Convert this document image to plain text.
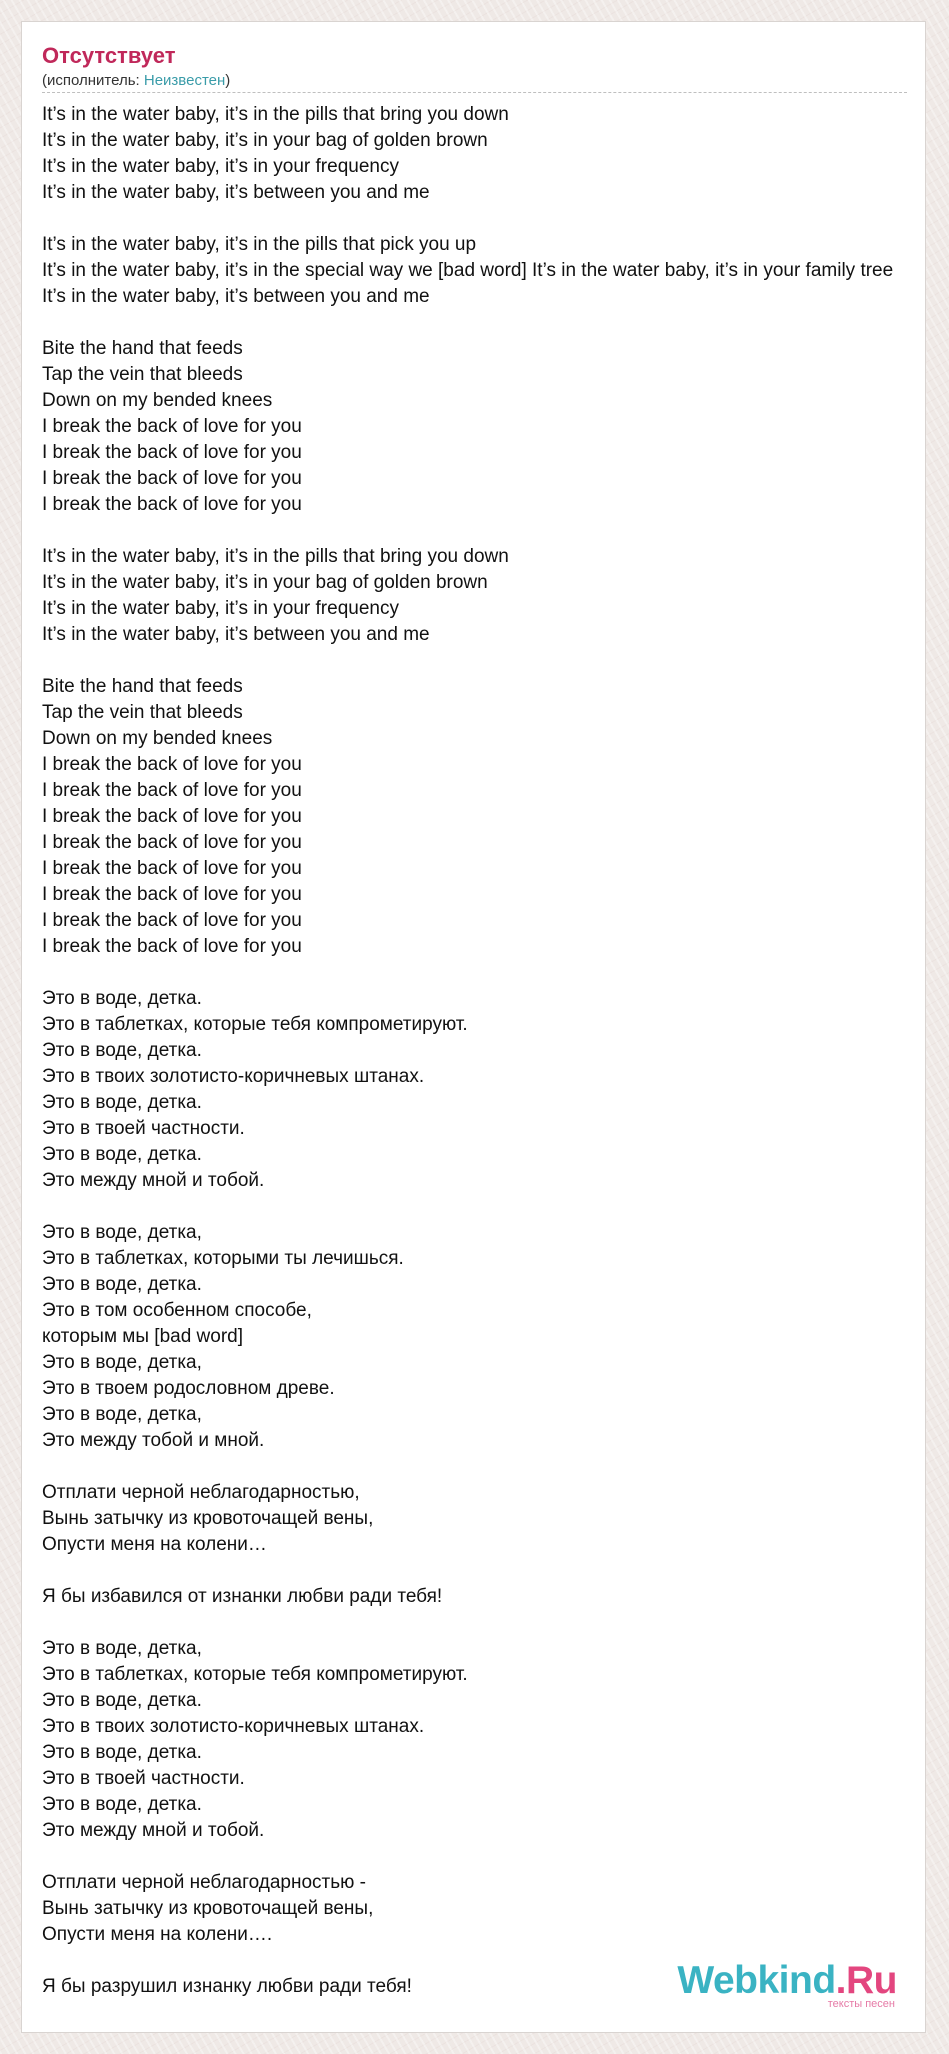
Отсутствует
(исполнитель: Неизвестен)
It’s in the water baby, it’s in the pills that bring you down
It’s in the water baby, it’s in your bag of golden brown
It’s in the water baby, it’s in your frequency
It’s in the water baby, it’s between you and me
It’s in the water baby, it’s in the pills that pick you up
It’s in the water baby, it’s in the special way we [bad word] It’s in the water baby, it’s in your family tree
It’s in the water baby, it’s between you and me
Bite the hand that feeds
Tap the vein that bleeds
Down on my bended knees
I break the back of love for you
I break the back of love for you
I break the back of love for you
I break the back of love for you
It’s in the water baby, it’s in the pills that bring you down
It’s in the water baby, it’s in your bag of golden brown
It’s in the water baby, it’s in your frequency
It’s in the water baby, it’s between you and me
Bite the hand that feeds
Tap the vein that bleeds
Down on my bended knees
I break the back of love for you
I break the back of love for you
I break the back of love for you
I break the back of love for you
I break the back of love for you
I break the back of love for you
I break the back of love for you
I break the back of love for you
Это в воде, детка.
Это в таблетках, которые тебя компрометируют.
Это в воде, детка.
Это в твоих золотисто-коричневых штанах.
Это в воде, детка.
Это в твоей частности.
Это в воде, детка.
Это между мной и тобой.
Это в воде, детка,
Это в таблетках, которыми ты лечишься.
Это в воде, детка.
Это в том особенном способе,
которым мы [bad word]
Это в воде, детка,
Это в твоем родословном древе.
Это в воде, детка,
Это между тобой и мной.
Отплати черной неблагодарностью,
Вынь затычку из кровоточащей вены,
Опусти меня на колени…
Я бы избавился от изнанки любви ради тебя!
Это в воде, детка,
Это в таблетках, которые тебя компрометируют.
Это в воде, детка.
Это в твоих золотисто-коричневых штанах.
Это в воде, детка.
Это в твоей частности.
Это в воде, детка.
Это между мной и тобой.
Отплати черной неблагодарностью -
Вынь затычку из кровоточащей вены,
Опусти меня на колени….
Я бы разрушил изнанку любви ради тебя!	Webkind.Ru
тексты песен
